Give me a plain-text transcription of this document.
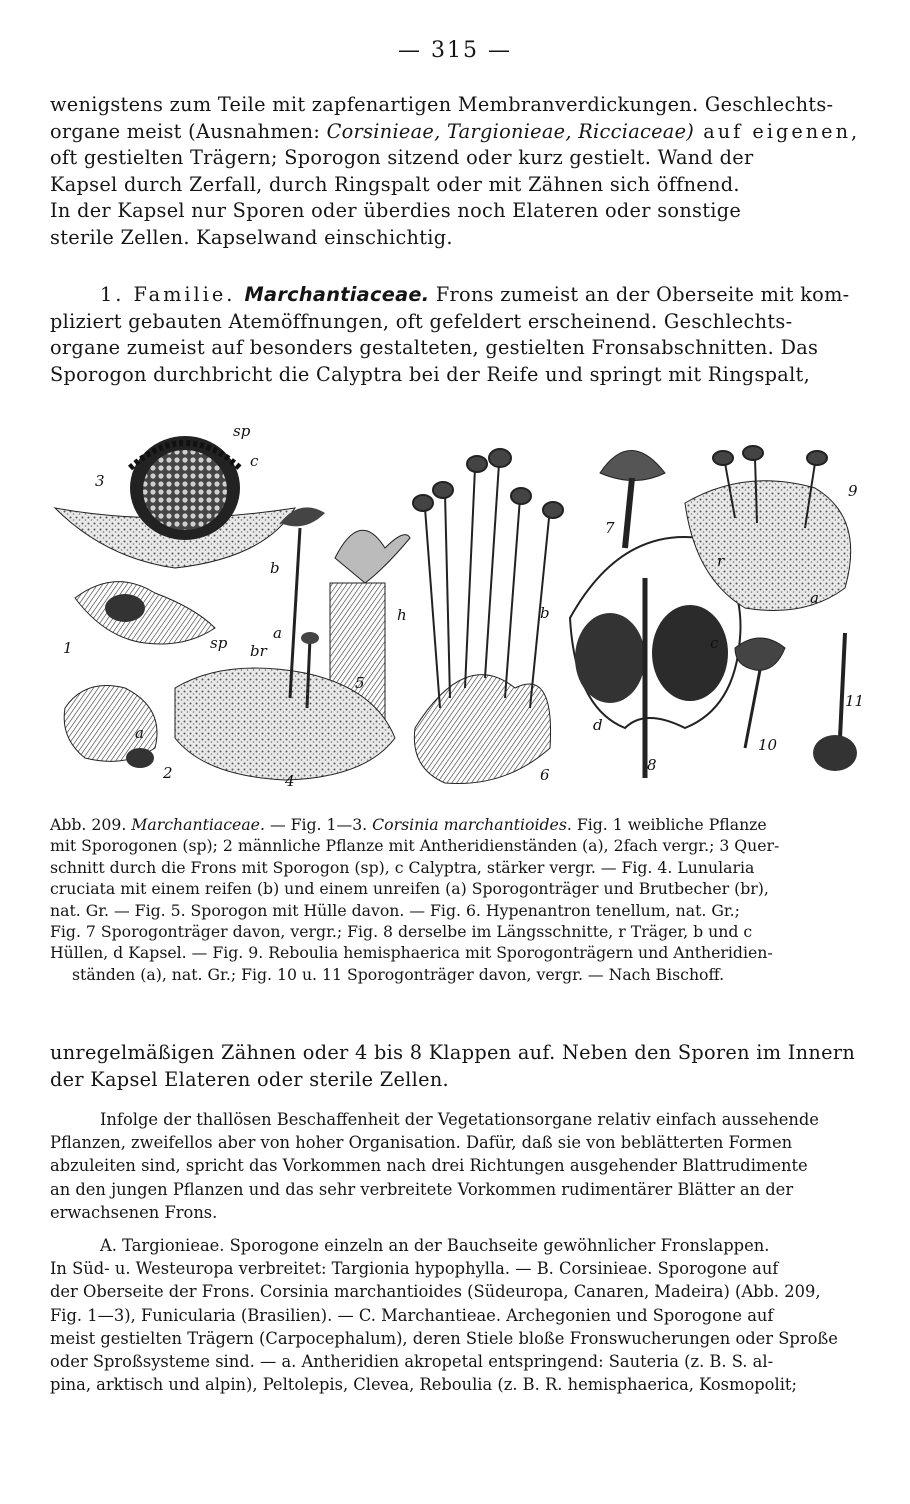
— 315 —
wenigstens zum Teile mit zapfenartigen Membranverdickungen. Geschlechts-
organe meist (Ausnahmen: Corsinieae, Targionieae, Ricciaceae) auf eigenen,
oft gestielten Trägern; Sporogon sitzend oder kurz gestielt. Wand der
Kapsel durch Zerfall, durch Ringspalt oder mit Zähnen sich öffnend.
In der Kapsel nur Sporen oder überdies noch Elateren oder sonstige
sterile Zellen. Kapselwand einschichtig.
1. Familie. Marchantiaceae. Frons zumeist an der Oberseite mit kom-
pliziert gebauten Atemöffnungen, oft gefeldert erscheinend. Geschlechts-
organe zumeist auf besonders gestalteten, gestielten Fronsabschnitten. Das
Sporogon durchbricht die Calyptra bei der Reife und springt mit Ringspalt,
sp
c
3
b
h
5
a
br
1	sp
a
2	4
b
6
7
r
c
d
8
9
a
10
11
Abb. 209. Marchantiaceae. — Fig. 1—3. Corsinia marchantioides. Fig. 1 weibliche Pflanze
mit Sporogonen (sp); 2 männliche Pflanze mit Antheridienständen (a), 2fach vergr.; 3 Quer-
schnitt durch die Frons mit Sporogon (sp), c Calyptra, stärker vergr. — Fig. 4. Lunularia
cruciata mit einem reifen (b) und einem unreifen (a) Sporogonträger und Brutbecher (br),
nat. Gr. — Fig. 5. Sporogon mit Hülle davon. — Fig. 6. Hypenantron tenellum, nat. Gr.;
Fig. 7 Sporogonträger davon, vergr.; Fig. 8 derselbe im Längsschnitte, r Träger, b und c
Hüllen, d Kapsel. — Fig. 9. Reboulia hemisphaerica mit Sporogonträgern und Antheridien-
ständen (a), nat. Gr.; Fig. 10 u. 11 Sporogonträger davon, vergr. — Nach Bischoff.
unregelmäßigen Zähnen oder 4 bis 8 Klappen auf. Neben den Sporen im Innern
der Kapsel Elateren oder sterile Zellen.
Infolge der thallösen Beschaffenheit der Vegetationsorgane relativ einfach aussehende
Pflanzen, zweifellos aber von hoher Organisation. Dafür, daß sie von beblätterten Formen
abzuleiten sind, spricht das Vorkommen nach drei Richtungen ausgehender Blattrudimente
an den jungen Pflanzen und das sehr verbreitete Vorkommen rudimentärer Blätter an der
erwachsenen Frons.
A. Targionieae. Sporogone einzeln an der Bauchseite gewöhnlicher Fronslappen.
In Süd- u. Westeuropa verbreitet: Targionia hypophylla. — B. Corsinieae. Sporogone auf
der Oberseite der Frons. Corsinia marchantioides (Südeuropa, Canaren, Madeira) (Abb. 209,
Fig. 1—3), Funicularia (Brasilien). — C. Marchantieae. Archegonien und Sporogone auf
meist gestielten Trägern (Carpocephalum), deren Stiele bloße Fronswucherungen oder Sproße
oder Sproßsysteme sind. — a. Antheridien akropetal entspringend: Sauteria (z. B. S. al-
pina, arktisch und alpin), Peltolepis, Clevea, Reboulia (z. B. R. hemisphaerica, Kosmopolit;
